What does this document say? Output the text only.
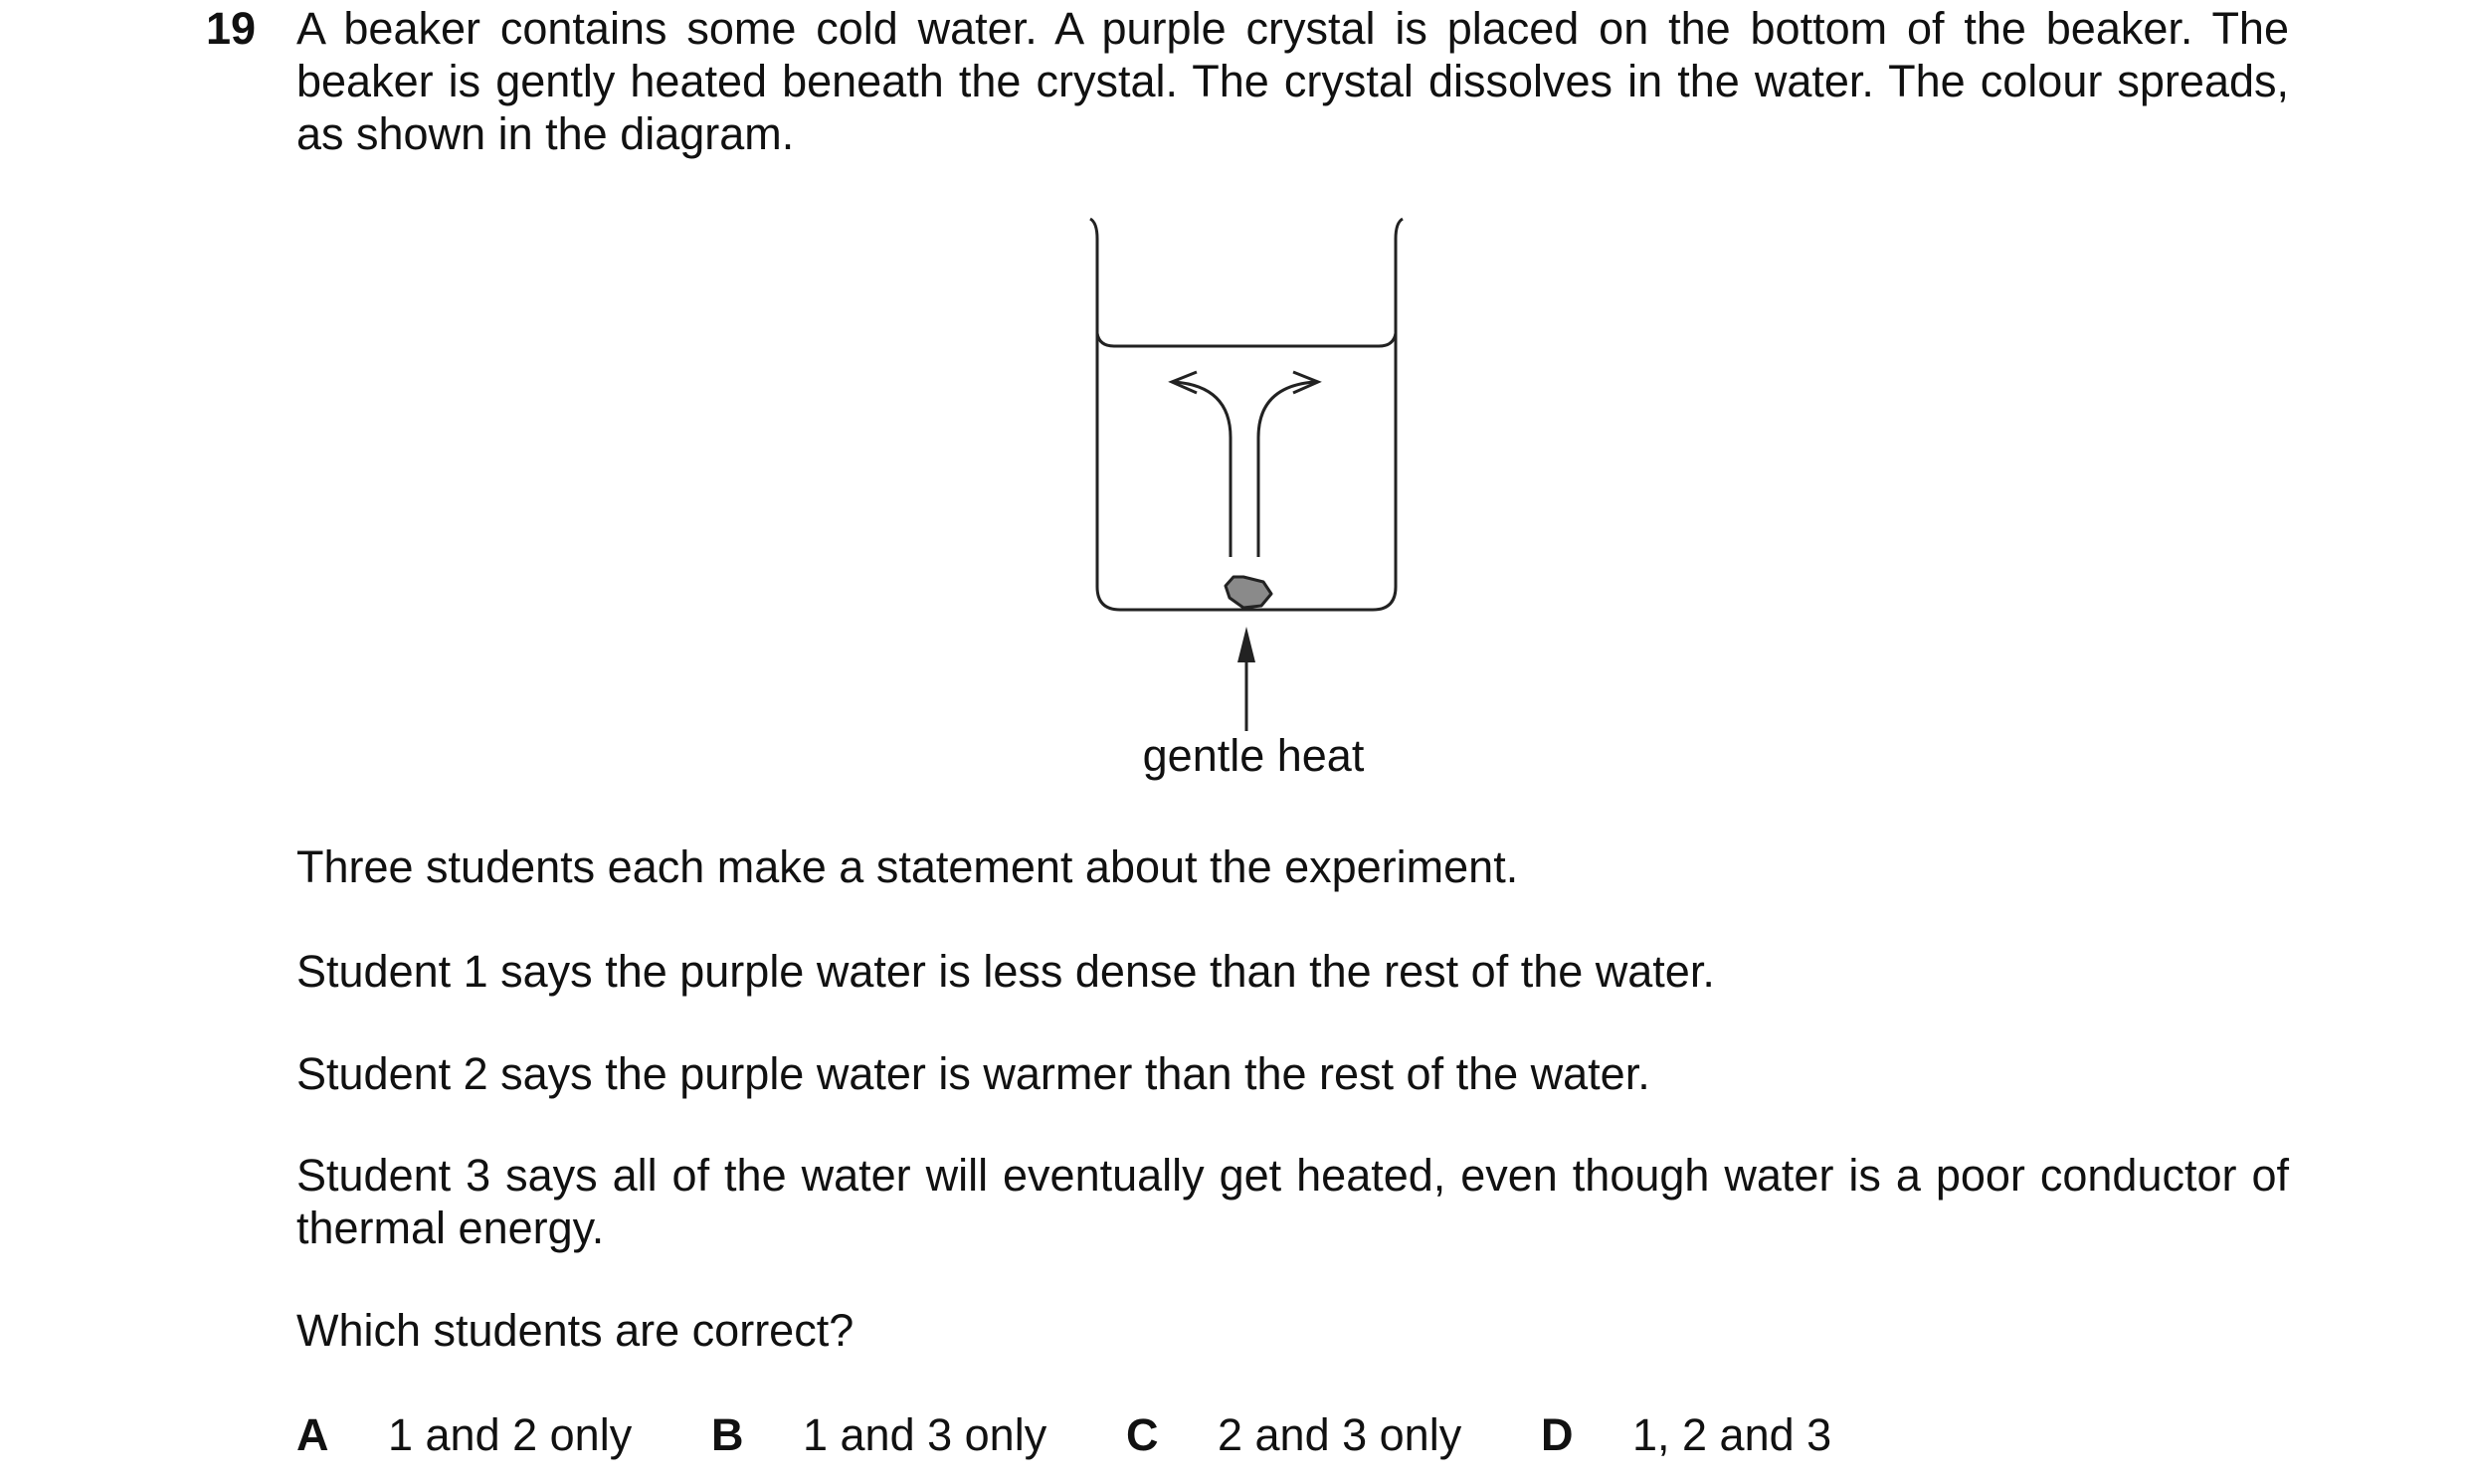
19 A beaker contains some cold water. A purple crystal is placed on the bottom of the beaker. The beaker is gently heated beneath the crystal. The crystal dissolves in the water. The colour spreads, as shown in the diagram.

gentle heat

Three students each make a statement about the experiment.

Student 1 says the purple water is less dense than the rest of the water.

Student 2 says the purple water is warmer than the rest of the water.

Student 3 says all of the water will eventually get heated, even though water is a poor conductor of thermal energy.

Which students are correct?

A 1 and 2 only B 1 and 3 only C 2 and 3 only D 1, 2 and 3
